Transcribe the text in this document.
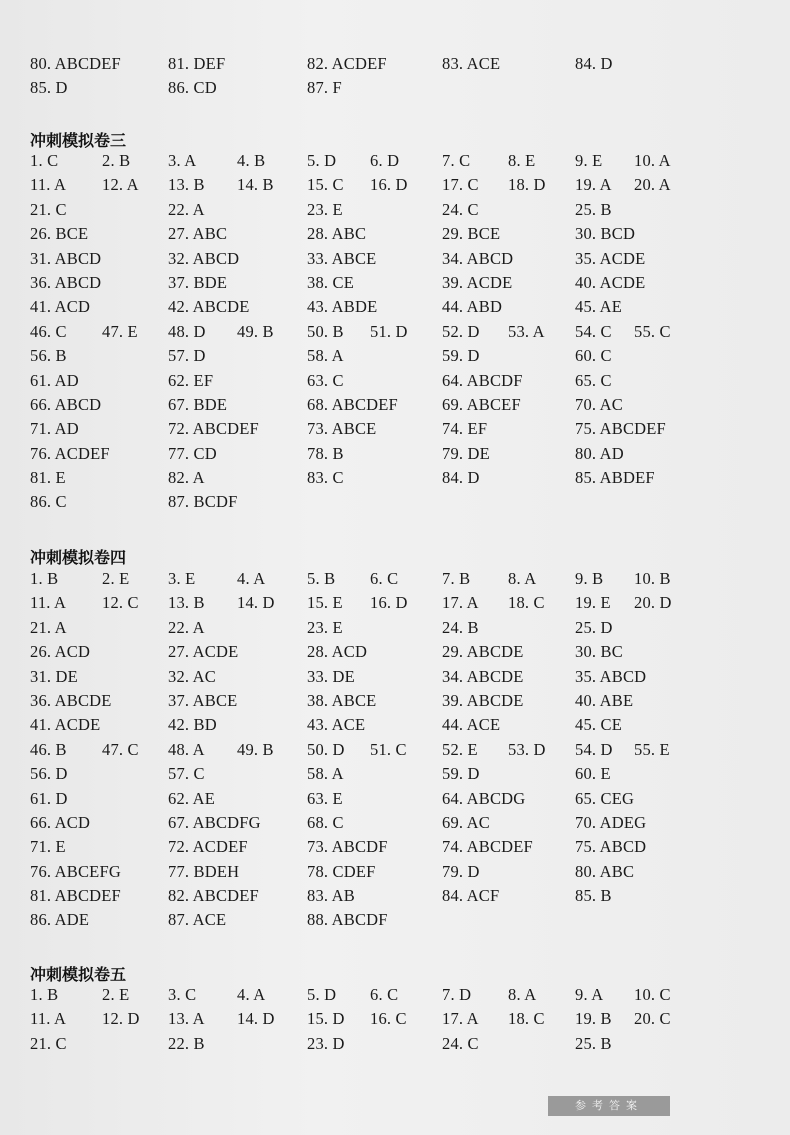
80. ABCDEF	81. DEF	82. ACDEF	83. ACE	84. D
85. D	86. CD	87. F
冲刺模拟卷三
1. C	2. B 3. A 4. B	5. D 6. D	7. C 8. E 9. E 10. A
11. A 12. A 13. B 14. B 15. C 16. D 17. C 18. D 19. A 20. A
21. C	22. A	23. E	24. C	25. B
26. BCE	27. ABC	28. ABC	29. BCE	30. BCD
31. ABCD	32. ABCD	33. ABCE	34. ABCD	35. ACDE
36. ABCD	37. BDE	38. CE	39. ACDE	40. ACDE
41. ACD	42. ABCDE	43. ABDE	44. ABD	45. AE
46. C 47. E 48. D 49. B 50. B 51. D 52. D 53. A 54. C 55. C
56. B	57. D	58. A	59. D	60. C
61. AD	62. EF	63. C	64. ABCDF	65. C
66. ABCD	67. BDE	68. ABCDEF	69. ABCEF	70. AC
71. AD	72. ABCDEF	73. ABCE	74. EF	75. ABCDEF
76. ACDEF	77. CD	78. B	79. DE	80. AD
81. E	82. A	83. C	84. D	85. ABDEF
86. C	87. BCDF
冲刺模拟卷四
1. B	2. E 3. E	4. A	5. B 6. C	7. B 8. A 9. B 10. B
11. A 12. C 13. B 14. D 15. E 16. D 17. A 18. C 19. E 20. D
21. A	22. A	23. E	24. B	25. D
26. ACD	27. ACDE	28. ACD	29. ABCDE	30. BC
31. DE	32. AC	33. DE	34. ABCDE	35. ABCD
36. ABCDE	37. ABCE	38. ABCE	39. ABCDE	40. ABE
41. ACDE	42. BD	43. ACE	44. ACE	45. CE
46. B 47. C 48. A 49. B 50. D 51. C 52. E 53. D 54. D 55. E
56. D	57. C	58. A	59. D	60. E
61. D	62. AE	63. E	64. ABCDG	65. CEG
66. ACD	67. ABCDFG	68. C	69. AC	70. ADEG
71. E	72. ACDEF	73. ABCDF	74. ABCDEF	75. ABCD
76. ABCEFG	77. BDEH	78. CDEF	79. D	80. ABC
81. ABCDEF	82. ABCDEF	83. AB	84. ACF	85. B
86. ADE	87. ACE	88. ABCDF
冲刺模拟卷五
1. B	2. E 3. C 4. A	5. D 6. C	7. D 8. A 9. A 10. C
11. A 12. D 13. A 14. D 15. D 16. C 17. A 18. C 19. B 20. C
21. C	22. B	23. D	24. C	25. B
参考答案
